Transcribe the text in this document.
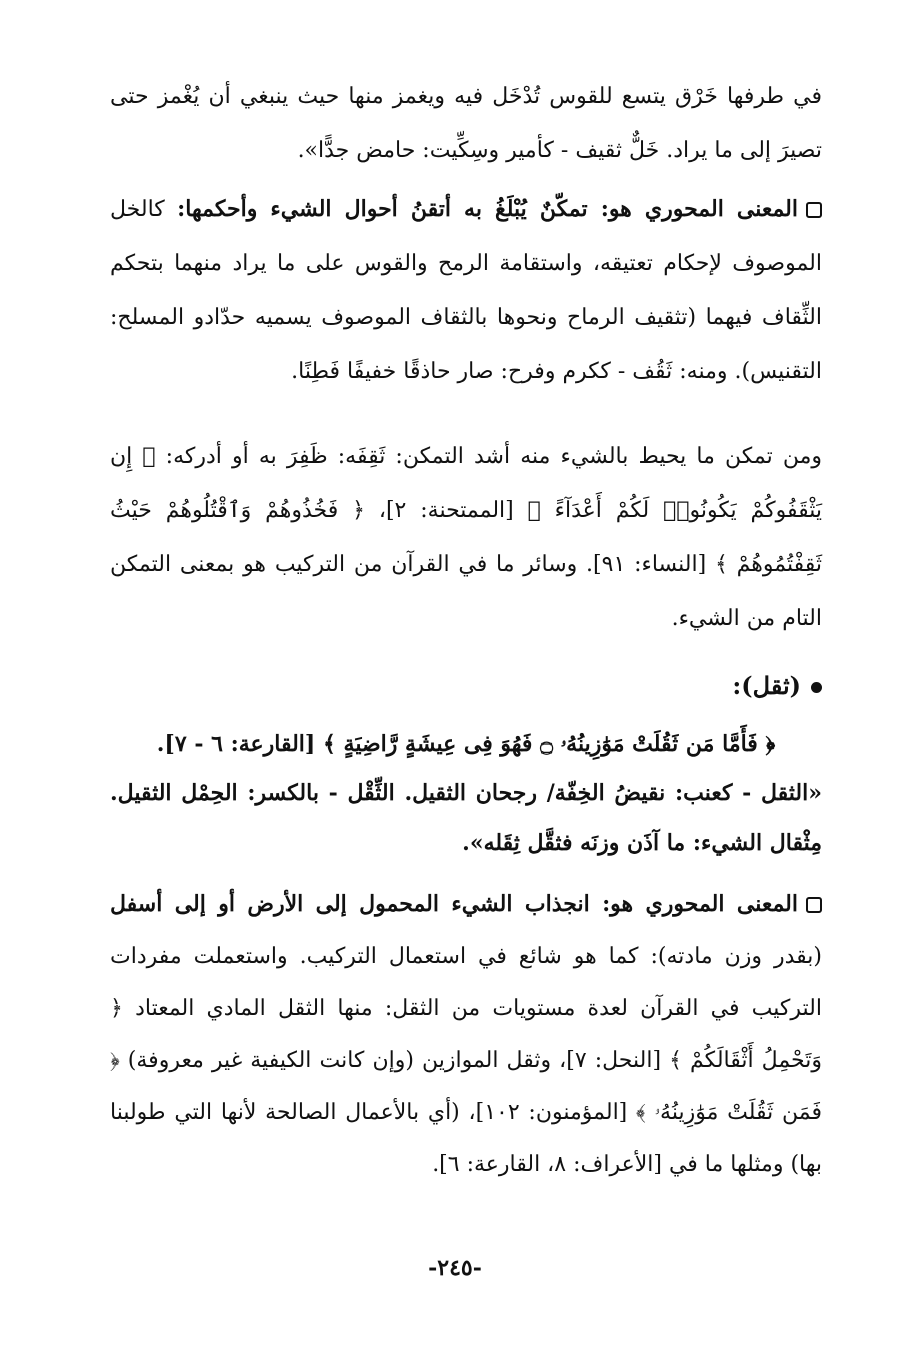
في طرفها خَرْق يتسع للقوس تُدْخَل فيه ويغمز منها حيث ينبغي أن يُغْمز حتى تصيرَ إلى ما يراد. خَلٌّ ثقيف - كأمير وسِكِّيت: حامض جدًّا».
المعنى المحوري هو: تمكّنٌ يُبْلَغُ به أتقنُ أحوال الشيء وأحكمها: كالخل الموصوف لإحكام تعتيقه، واستقامة الرمح والقوس على ما يراد منهما بتحكم الثِّقاف فيهما (تثقيف الرماح ونحوها بالثقاف الموصوف يسميه حدّادو المسلح: التقنيس). ومنه: ثَقُف - ككرم وفرح: صار حاذقًا خفيفًا فَطِنًا.
ومن تمكن ما يحيط بالشيء منه أشد التمكن: ثَقِفَه: ظَفِرَ به أو أدركه: ﴿ إِن يَثْقَفُوكُمْ يَكُونُوا۟ لَكُمْ أَعْدَآءً ﴾ [الممتحنة: ٢]، ﴿ فَخُذُوهُمْ وَٱقْتُلُوهُمْ حَيْثُ ثَقِفْتُمُوهُمْ ﴾ [النساء: ٩١]. وسائر ما في القرآن من التركيب هو بمعنى التمكن التام من الشيء.
(ثقل):
﴿ فَأَمَّا مَن ثَقُلَتْ مَوَٰزِينُهُۥ ۝ فَهُوَ فِى عِيشَةٍ رَّاضِيَةٍ ﴾ [القارعة: ٦ - ٧].
«الثقل - كعنب: نقيضُ الخِفّة/ رجحان الثقيل. الثِّقْل - بالكسر: الحِمْل الثقيل. مِثْقال الشيء: ما آذَن وزنَه فثقَّل ثِقَله».
المعنى المحوري هو: انجذاب الشيء المحمول إلى الأرض أو إلى أسفل (بقدر وزن مادته): كما هو شائع في استعمال التركيب. واستعملت مفردات التركيب في القرآن لعدة مستويات من الثقل: منها الثقل المادي المعتاد ﴿ وَتَحْمِلُ أَثْقَالَكُمْ ﴾ [النحل: ٧]، وثقل الموازين (وإن كانت الكيفية غير معروفة) ﴿ فَمَن ثَقُلَتْ مَوَٰزِينُهُۥ ﴾ [المؤمنون: ١٠٢]، (أي بالأعمال الصالحة لأنها التي طولبنا بها) ومثلها ما في [الأعراف: ٨، القارعة: ٦].
-٢٤٥-
